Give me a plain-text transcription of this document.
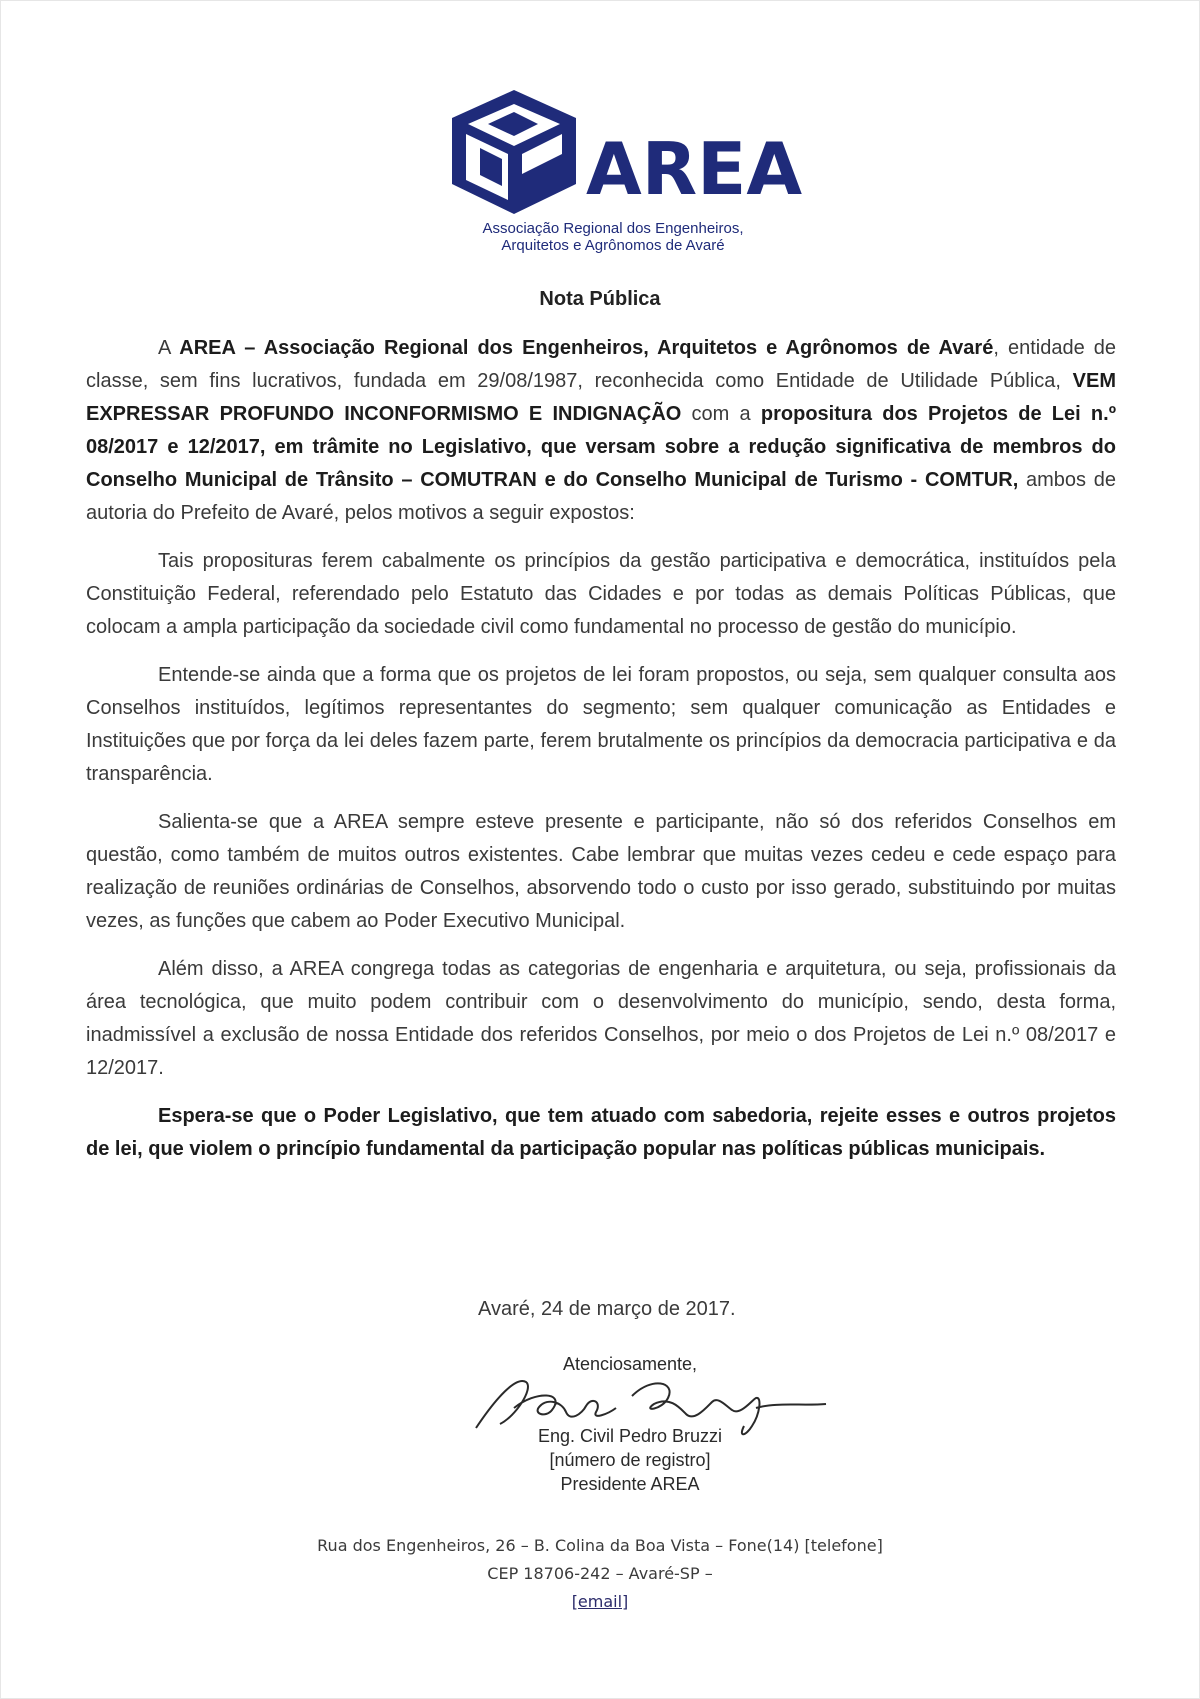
AREA
Associação Regional dos Engenheiros,
Arquitetos e Agrônomos de Avaré
Nota Pública

A AREA – Associação Regional dos Engenheiros, Arquitetos e Agrônomos de Avaré, entidade de classe, sem fins lucrativos, fundada em 29/08/1987, reconhecida como Entidade de Utilidade Pública, VEM EXPRESSAR PROFUNDO INCONFORMISMO E INDIGNAÇÃO com a propositura dos Projetos de Lei n.º 08/2017 e 12/2017, em trâmite no Legislativo, que versam sobre a redução significativa de membros do Conselho Municipal de Trânsito – COMUTRAN e do Conselho Municipal de Turismo - COMTUR, ambos de autoria do Prefeito de Avaré, pelos motivos a seguir expostos:

Tais proposituras ferem cabalmente os princípios da gestão participativa e democrática, instituídos pela Constituição Federal, referendado pelo Estatuto das Cidades e por todas as demais Políticas Públicas, que colocam a ampla participação da sociedade civil como fundamental no processo de gestão do município.

Entende-se ainda que a forma que os projetos de lei foram propostos, ou seja, sem qualquer consulta aos Conselhos instituídos, legítimos representantes do segmento; sem qualquer comunicação as Entidades e Instituições que por força da lei deles fazem parte, ferem brutalmente os princípios da democracia participativa e da transparência.

Salienta-se que a AREA sempre esteve presente e participante, não só dos referidos Conselhos em questão, como também de muitos outros existentes. Cabe lembrar que muitas vezes cedeu e cede espaço para realização de reuniões ordinárias de Conselhos, absorvendo todo o custo por isso gerado, substituindo por muitas vezes, as funções que cabem ao Poder Executivo Municipal.

Além disso, a AREA congrega todas as categorias de engenharia e arquitetura, ou seja, profissionais da área tecnológica, que muito podem contribuir com o desenvolvimento do município, sendo, desta forma, inadmissível a exclusão de nossa Entidade dos referidos Conselhos, por meio o dos Projetos de Lei n.º 08/2017 e 12/2017.

Espera-se que o Poder Legislativo, que tem atuado com sabedoria, rejeite esses e outros projetos de lei, que violem o princípio fundamental da participação popular nas políticas públicas municipais.

Avaré, 24 de março de 2017.
Atenciosamente,
Eng. Civil Pedro Bruzzi
[número de registro]
Presidente AREA
Rua dos Engenheiros, 26 – B. Colina da Boa Vista – Fone(14) [telefone]
CEP 18706-242 – Avaré-SP –
[email]
